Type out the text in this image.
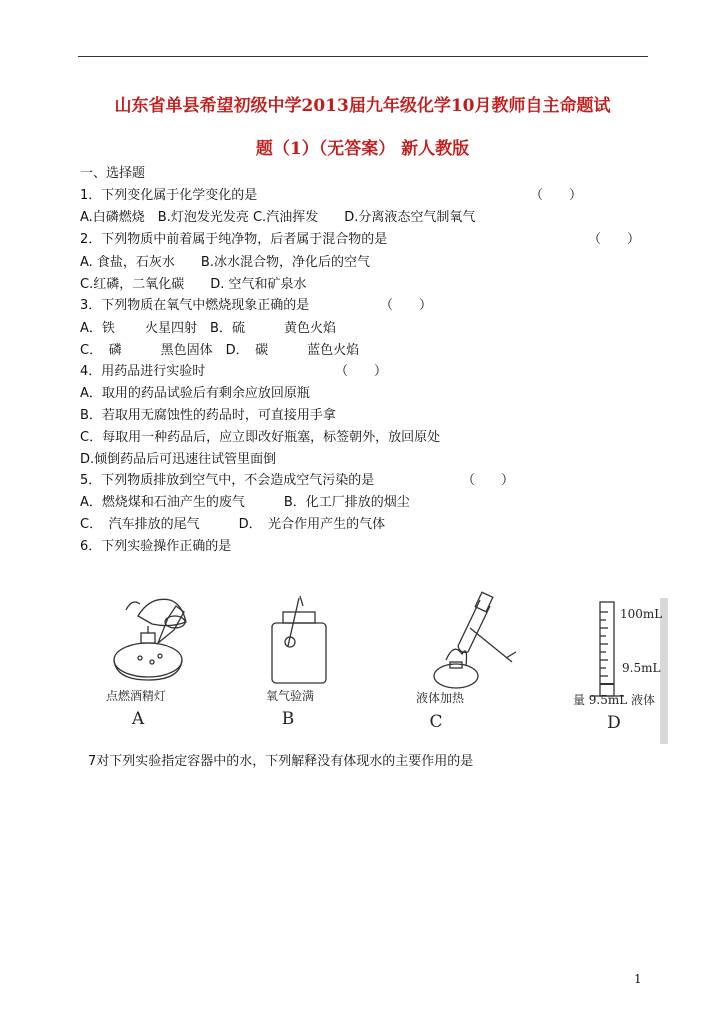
山东省单县希望初级中学2013届九年级化学10月教师自主命题试
题（1）（无答案） 新人教版
一、选择题
1．下列变化属于化学变化的是	（　　）
A.白磷燃烧　B.灯泡发光发亮 C.汽油挥发　　D.分离液态空气制氧气
2．下列物质中前着属于纯净物，后者属于混合物的是	（　　）
A. 食盐，石灰水　　B.冰水混合物，净化后的空气
C.红磷，二氧化碳　　D. 空气和矿泉水
3．下列物质在氧气中燃烧现象正确的是	（　　）
A．铁　　 火星四射　B．硫　　　黄色火焰
C．　磷　　　黑色固体　D．　碳　　　蓝色火焰
4．用药品进行实验时	（　　）
A．取用的药品试验后有剩余应放回原瓶
B．若取用无腐蚀性的药品时，可直接用手拿
C．每取用一种药品后，应立即改好瓶塞，标签朝外，放回原处
D.倾倒药品后可迅速往试管里面倒
5．下列物质排放到空气中，不会造成空气污染的是	（　　）
A．燃烧煤和石油产生的废气　　　B．化工厂排放的烟尘
C．　汽车排放的尾气　　　D．　光合作用产生的气体
6．下列实验操作正确的是
100mL
9.5mL
点燃酒精灯
A
氧气验满
B
液体加热
C
量 9.5mL 液体
D
7对下列实验指定容器中的水，下列解释没有体现水的主要作用的是
1
